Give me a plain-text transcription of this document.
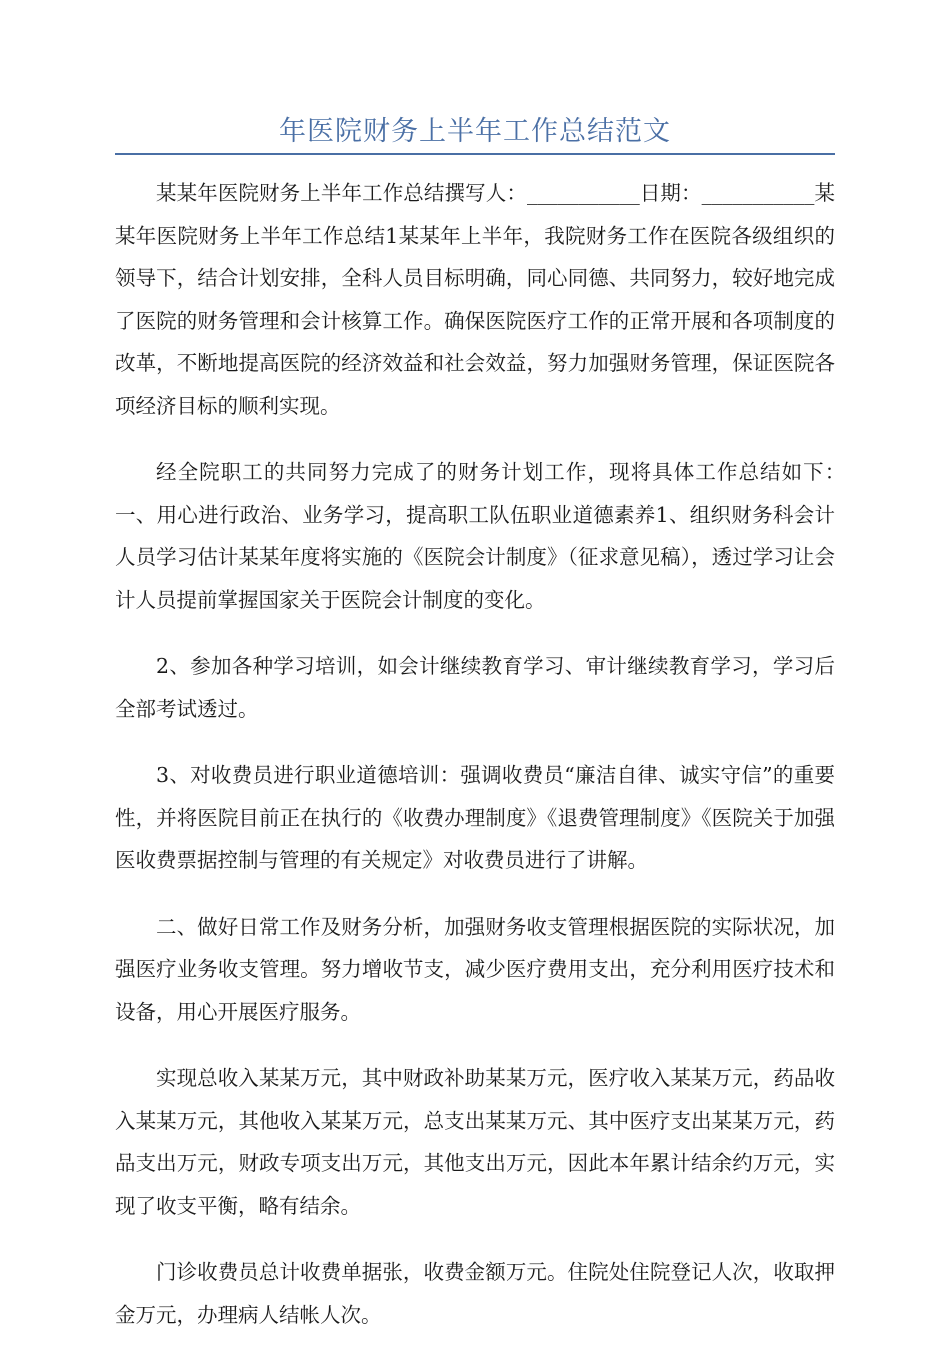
年医院财务上半年工作总结范文

某某年医院财务上半年工作总结撰写人：___________日期：___________某某年医院财务上半年工作总结1某某年上半年，我院财务工作在医院各级组织的领导下，结合计划安排，全科人员目标明确，同心同德、共同努力，较好地完成了医院的财务管理和会计核算工作。确保医院医疗工作的正常开展和各项制度的改革，不断地提高医院的经济效益和社会效益，努力加强财务管理，保证医院各项经济目标的顺利实现。

经全院职工的共同努力完成了的财务计划工作，现将具体工作总结如下：　　一、用心进行政治、业务学习，提高职工队伍职业道德素养1、组织财务科会计人员学习估计某某年度将实施的《医院会计制度》（征求意见稿），透过学习让会计人员提前掌握国家关于医院会计制度的变化。

2、参加各种学习培训，如会计继续教育学习、审计继续教育学习，学习后全部考试透过。

3、对收费员进行职业道德培训：强调收费员“廉洁自律、诚实守信”的重要性，并将医院目前正在执行的《收费办理制度》《退费管理制度》《医院关于加强医收费票据控制与管理的有关规定》对收费员进行了讲解。

二、做好日常工作及财务分析，加强财务收支管理根据医院的实际状况，加强医疗业务收支管理。努力增收节支，减少医疗费用支出，充分利用医疗技术和设备，用心开展医疗服务。

实现总收入某某万元，其中财政补助某某万元，医疗收入某某万元，药品收入某某万元，其他收入某某万元，总支出某某万元、其中医疗支出某某万元，药品支出万元，财政专项支出万元，其他支出万元，因此本年累计结余约万元，实现了收支平衡，略有结余。

门诊收费员总计收费单据张，收费金额万元。住院处住院登记人次，收取押金万元，办理病人结帐人次。
